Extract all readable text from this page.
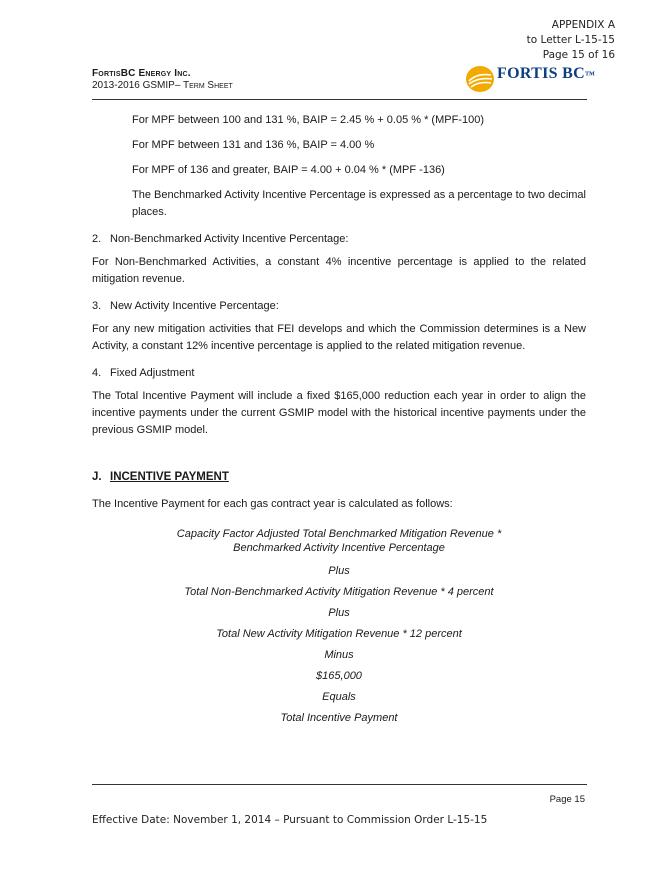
APPENDIX A
to Letter L-15-15
Page 15 of 16
FortisBC Energy Inc.
2013-2016 GSMIP– Term Sheet
FORTIS BC™

For MPF between 100 and 131 %, BAIP = 2.45 % + 0.05 % * (MPF-100)

For MPF between 131 and 136 %, BAIP = 4.00 %

For MPF of 136 and greater, BAIP = 4.00 + 0.04 % * (MPF -136)

The Benchmarked Activity Incentive Percentage is expressed as a percentage to two decimal places.

2. Non-Benchmarked Activity Incentive Percentage:

For Non-Benchmarked Activities, a constant 4% incentive percentage is applied to the related mitigation revenue.

3. New Activity Incentive Percentage:

For any new mitigation activities that FEI develops and which the Commission determines is a New Activity, a constant 12% incentive percentage is applied to the related mitigation revenue.

4. Fixed Adjustment

The Total Incentive Payment will include a fixed $165,000 reduction each year in order to align the incentive payments under the current GSMIP model with the historical incentive payments under the previous GSMIP model.

J. INCENTIVE PAYMENT

The Incentive Payment for each gas contract year is calculated as follows:

Capacity Factor Adjusted Total Benchmarked Mitigation Revenue *

Benchmarked Activity Incentive Percentage

Plus

Total Non-Benchmarked Activity Mitigation Revenue * 4 percent

Plus

Total New Activity Mitigation Revenue * 12 percent

Minus

$165,000

Equals

Total Incentive Payment

Page 15
Effective Date: November 1, 2014 – Pursuant to Commission Order L-15-15
